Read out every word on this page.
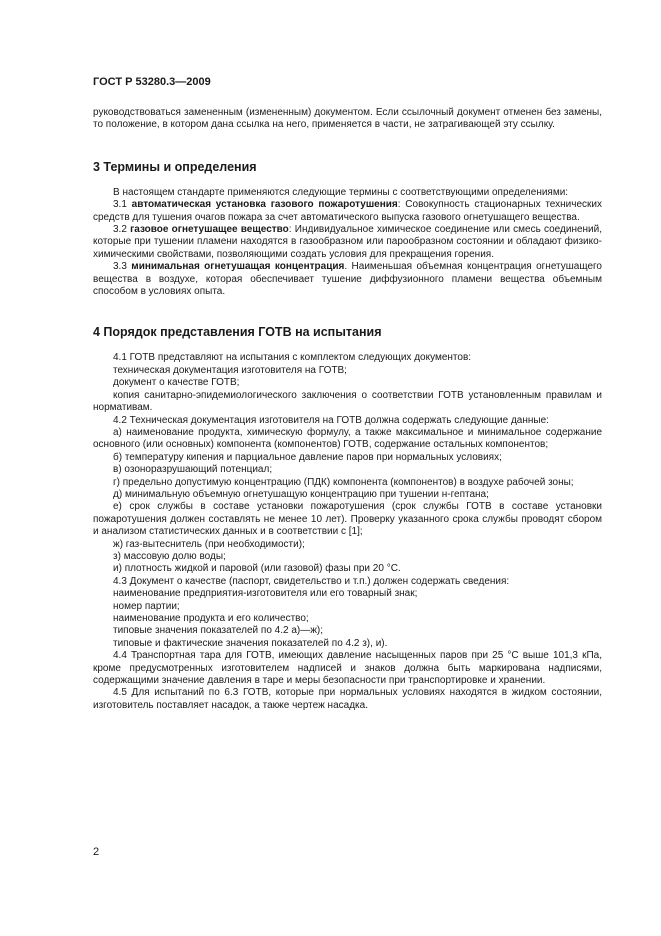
ГОСТ Р 53280.3—2009

руководствоваться замененным (измененным) документом. Если ссылочный документ отменен без замены, то положение, в котором дана ссылка на него, применяется в части, не затрагивающей эту ссылку.

3 Термины и определения

В настоящем стандарте применяются следующие термины с соответствующими определениями:

3.1 автоматическая установка газового пожаротушения: Совокупность стационарных технических средств для тушения очагов пожара за счет автоматического выпуска газового огнетушащего вещества.

3.2 газовое огнетушащее вещество: Индивидуальное химическое соединение или смесь соединений, которые при тушении пламени находятся в газообразном или парообразном состоянии и обладают физико-химическими свойствами, позволяющими создать условия для прекращения горения.

3.3 минимальная огнетушащая концентрация. Наименьшая объемная концентрация огнетушащего вещества в воздухе, которая обеспечивает тушение диффузионного пламени вещества объемным способом в условиях опыта.

4 Порядок представления ГОТВ на испытания

4.1 ГОТВ представляют на испытания с комплектом следующих документов:

техническая документация изготовителя на ГОТВ;

документ о качестве ГОТВ;

копия санитарно-эпидемиологического заключения о соответствии ГОТВ установленным правилам и нормативам.

4.2 Техническая документация изготовителя на ГОТВ должна содержать следующие данные:

а) наименование продукта, химическую формулу, а также максимальное и минимальное содержание основного (или основных) компонента (компонентов) ГОТВ, содержание остальных компонентов;

б) температуру кипения и парциальное давление паров при нормальных условиях;

в) озоноразрушающий потенциал;

г) предельно допустимую концентрацию (ПДК) компонента (компонентов) в воздухе рабочей зоны;

д) минимальную объемную огнетушащую концентрацию при тушении н-гептана;

е) срок службы в составе установки пожаротушения (срок службы ГОТВ в составе установки пожаротушения должен составлять не менее 10 лет). Проверку указанного срока службы проводят сбором и анализом статистических данных и в соответствии с [1];

ж) газ-вытеснитель (при необходимости);

з) массовую долю воды;

и) плотность жидкой и паровой (или газовой) фазы при 20 °С.

4.3 Документ о качестве (паспорт, свидетельство и т.п.) должен содержать сведения:

наименование предприятия-изготовителя или его товарный знак;

номер партии;

наименование продукта и его количество;

типовые значения показателей по 4.2 а)—ж);

типовые и фактические значения показателей по 4.2 з), и).

4.4 Транспортная тара для ГОТВ, имеющих давление насыщенных паров при 25 °С выше 101,3 кПа, кроме предусмотренных изготовителем надписей и знаков должна быть маркирована надписями, содержащими значение давления в таре и меры безопасности при транспортировке и хранении.

4.5 Для испытаний по 6.3 ГОТВ, которые при нормальных условиях находятся в жидком состоянии, изготовитель поставляет насадок, а также чертеж насадка.

2
